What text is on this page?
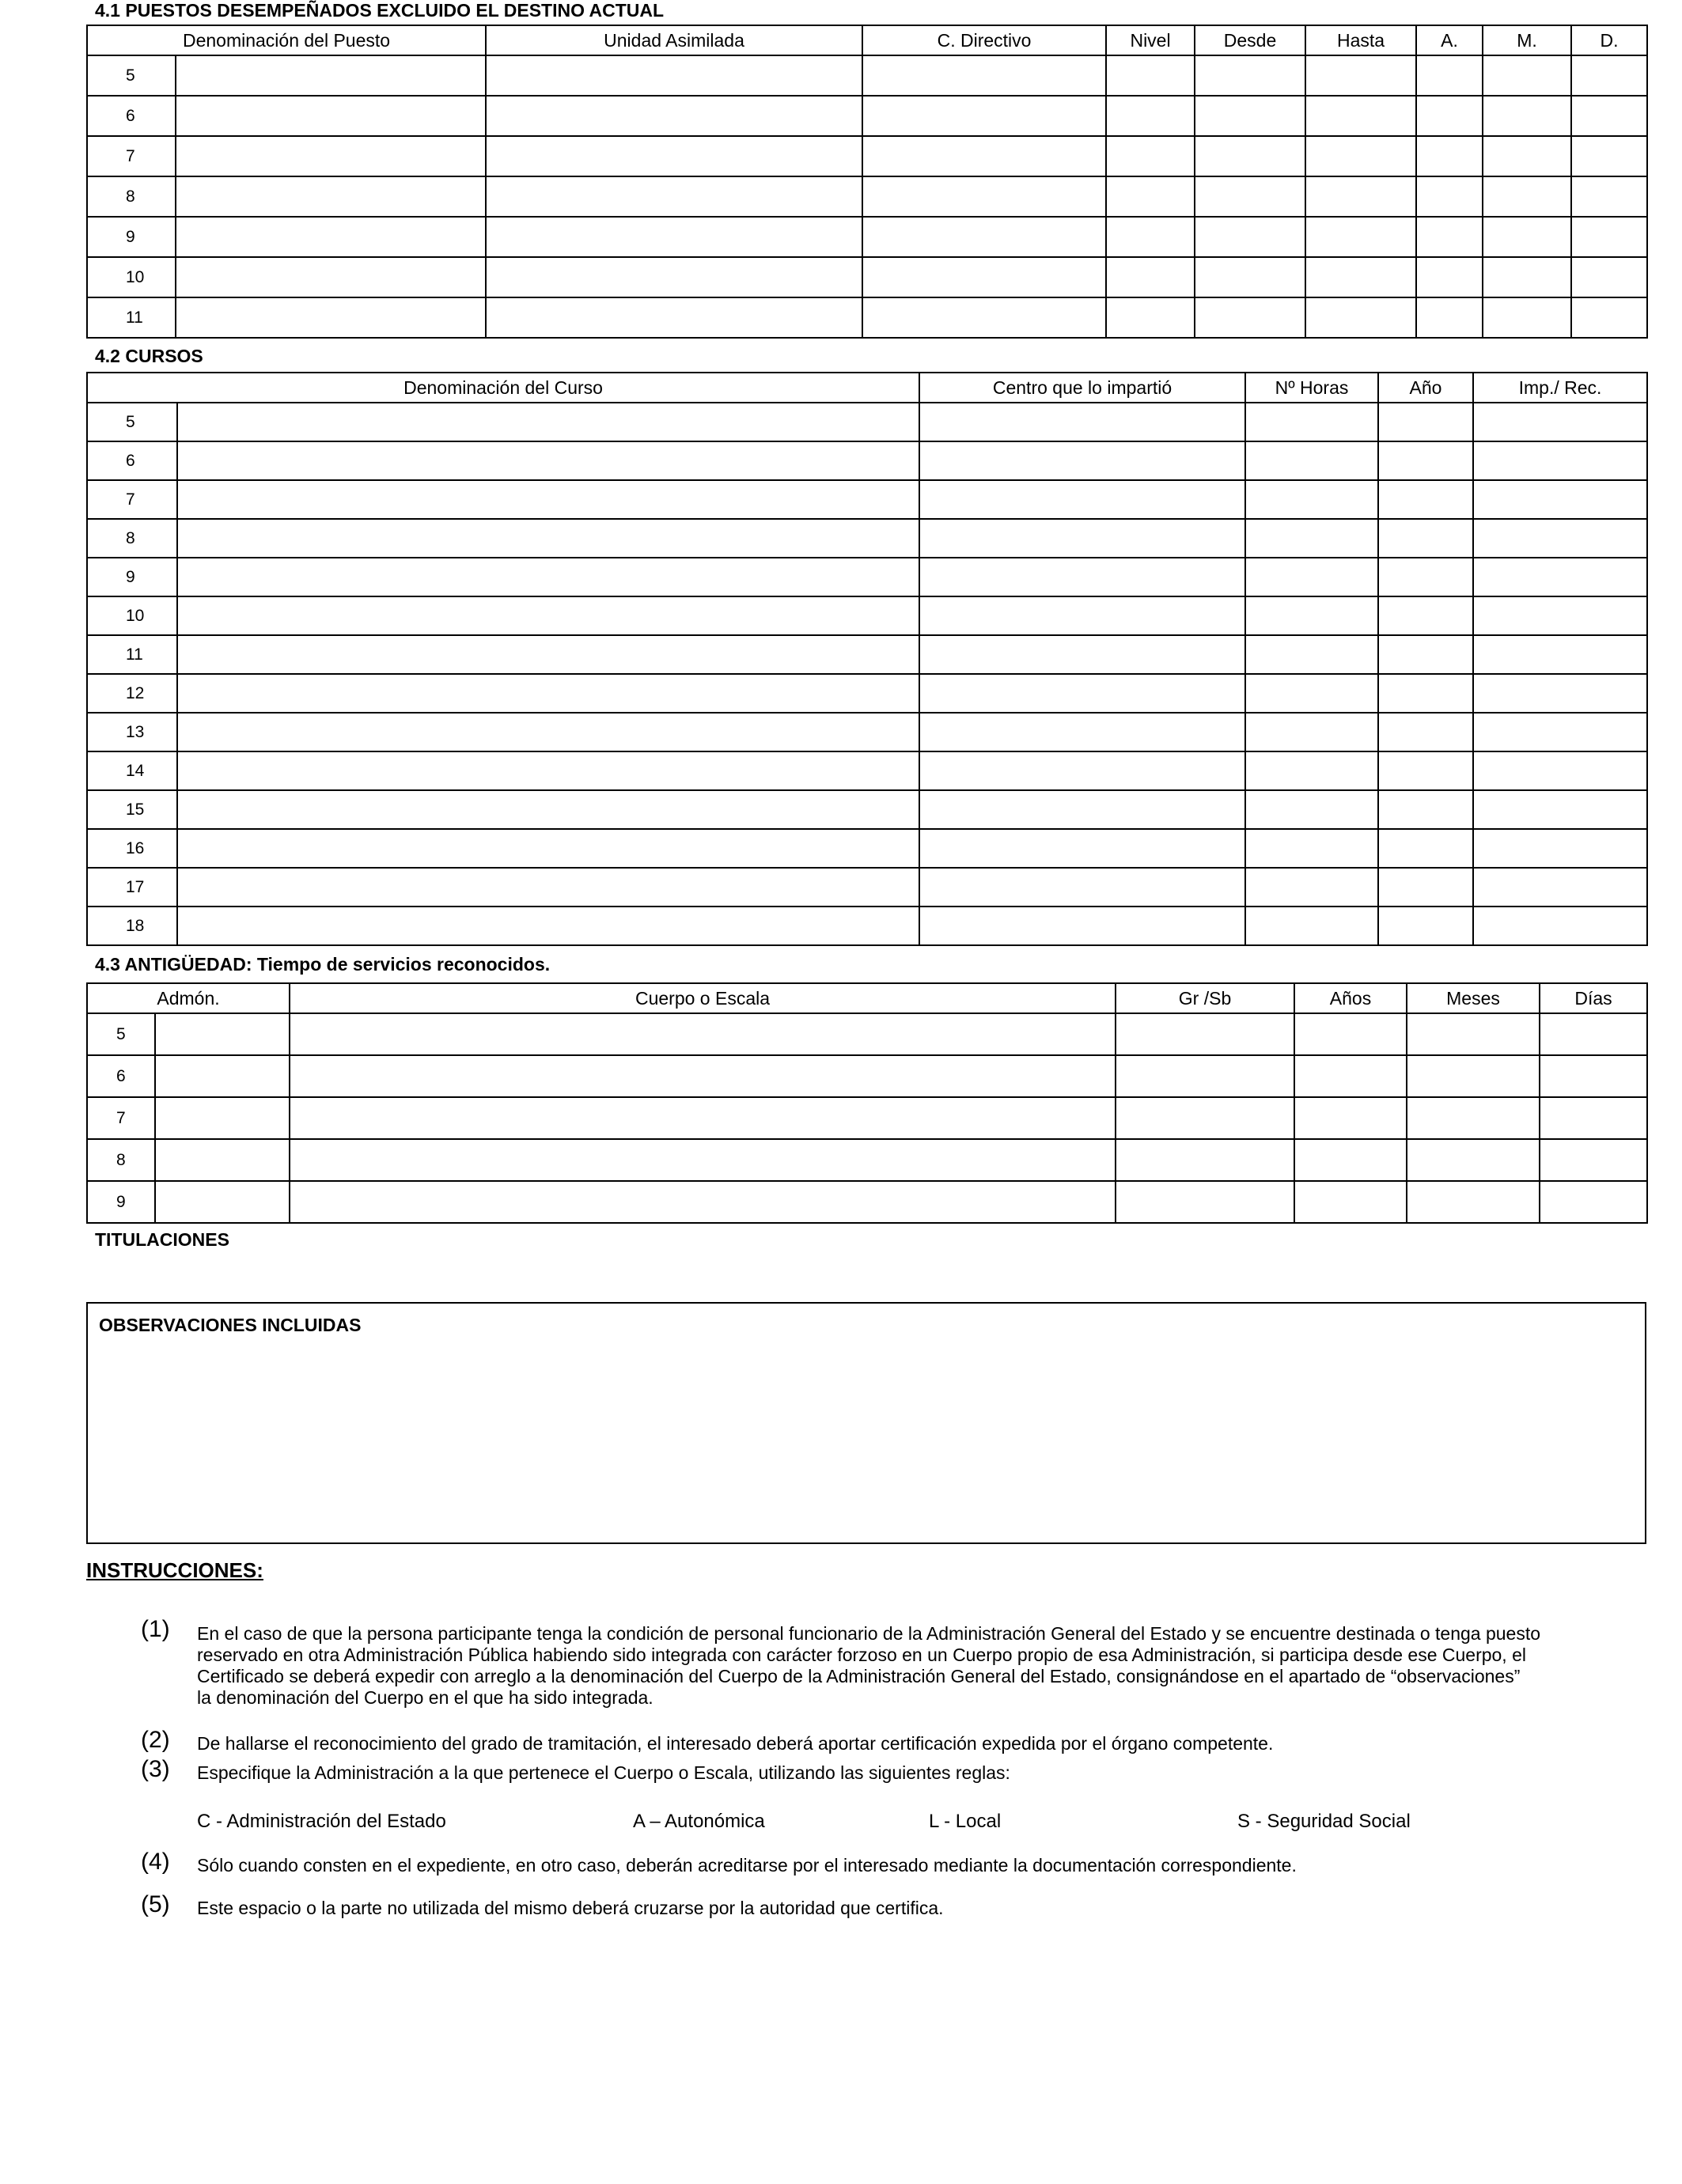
4.1 PUESTOS DESEMPEÑADOS EXCLUIDO EL DESTINO ACTUAL
Denominación del Puesto		Unidad Asimilada	C. Directivo	Nivel	Desde	Hasta	A.	M.	D.
5									
6									
7									
8									
9									
10									
11									
4.2 CURSOS
Denominación del Curso		Centro que lo impartió	Nº Horas	Año	Imp./ Rec.
5					
6					
7					
8					
9					
10					
11					
12					
13					
14					
15					
16					
17					
18					
4.3 ANTIGÜEDAD: Tiempo de servicios reconocidos.
Admón.		Cuerpo o Escala	Gr /Sb	Años	Meses	Días
5						
6						
7						
8						
9						
TITULACIONES
OBSERVACIONES INCLUIDAS
INSTRUCCIONES:
(1) En el caso de que la persona participante tenga la condición de personal funcionario de la Administración General del Estado y se encuentre destinada o tenga puesto
reservado en otra Administración Pública habiendo sido integrada con carácter forzoso en un Cuerpo propio de esa Administración, si participa desde ese Cuerpo, el
Certificado se deberá expedir con arreglo a la denominación del Cuerpo de la Administración General del Estado, consignándose en el apartado de “observaciones”
la denominación del Cuerpo en el que ha sido integrada.
(2) De hallarse el reconocimiento del grado de tramitación, el interesado deberá aportar certificación expedida por el órgano competente.
(3) Especifique la Administración a la que pertenece el Cuerpo o Escala, utilizando las siguientes reglas:
C - Administración del Estado	A – Autonómica	L - Local	S - Seguridad Social
(4) Sólo cuando consten en el expediente, en otro caso, deberán acreditarse por el interesado mediante la documentación correspondiente.
(5) Este espacio o la parte no utilizada del mismo deberá cruzarse por la autoridad que certifica.
